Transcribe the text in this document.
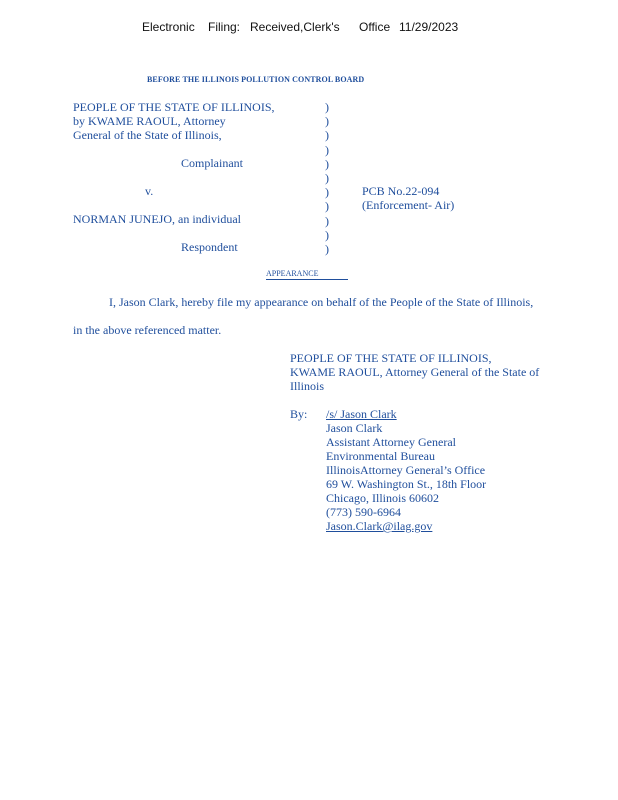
Electronic Filing: Received,Clerk's Office 11/29/2023
BEFORE THE ILLINOIS POLLUTION CONTROL BOARD
PEOPLE OF THE STATE OF ILLINOIS,
by KWAME RAOUL, Attorney
General of the State of Illinois,
Complainant
v.
NORMAN JUNEJO, an individual
Respondent
)
)
)
)
)
)
)
)
)
)
)
PCB No.22-094
(Enforcement- Air)
APPEARANCE
I, Jason Clark, hereby file my appearance on behalf of the People of the State of Illinois,
in the above referenced matter.
PEOPLE OF THE STATE OF ILLINOIS,
KWAME RAOUL, Attorney General of the State of
Illinois
By: /s/ Jason Clark
Jason Clark
Assistant Attorney General
Environmental Bureau
IllinoisAttorney General’s Office
69 W. Washington St., 18th Floor
Chicago, Illinois 60602
(773) 590-6964
Jason.Clark@ilag.gov
